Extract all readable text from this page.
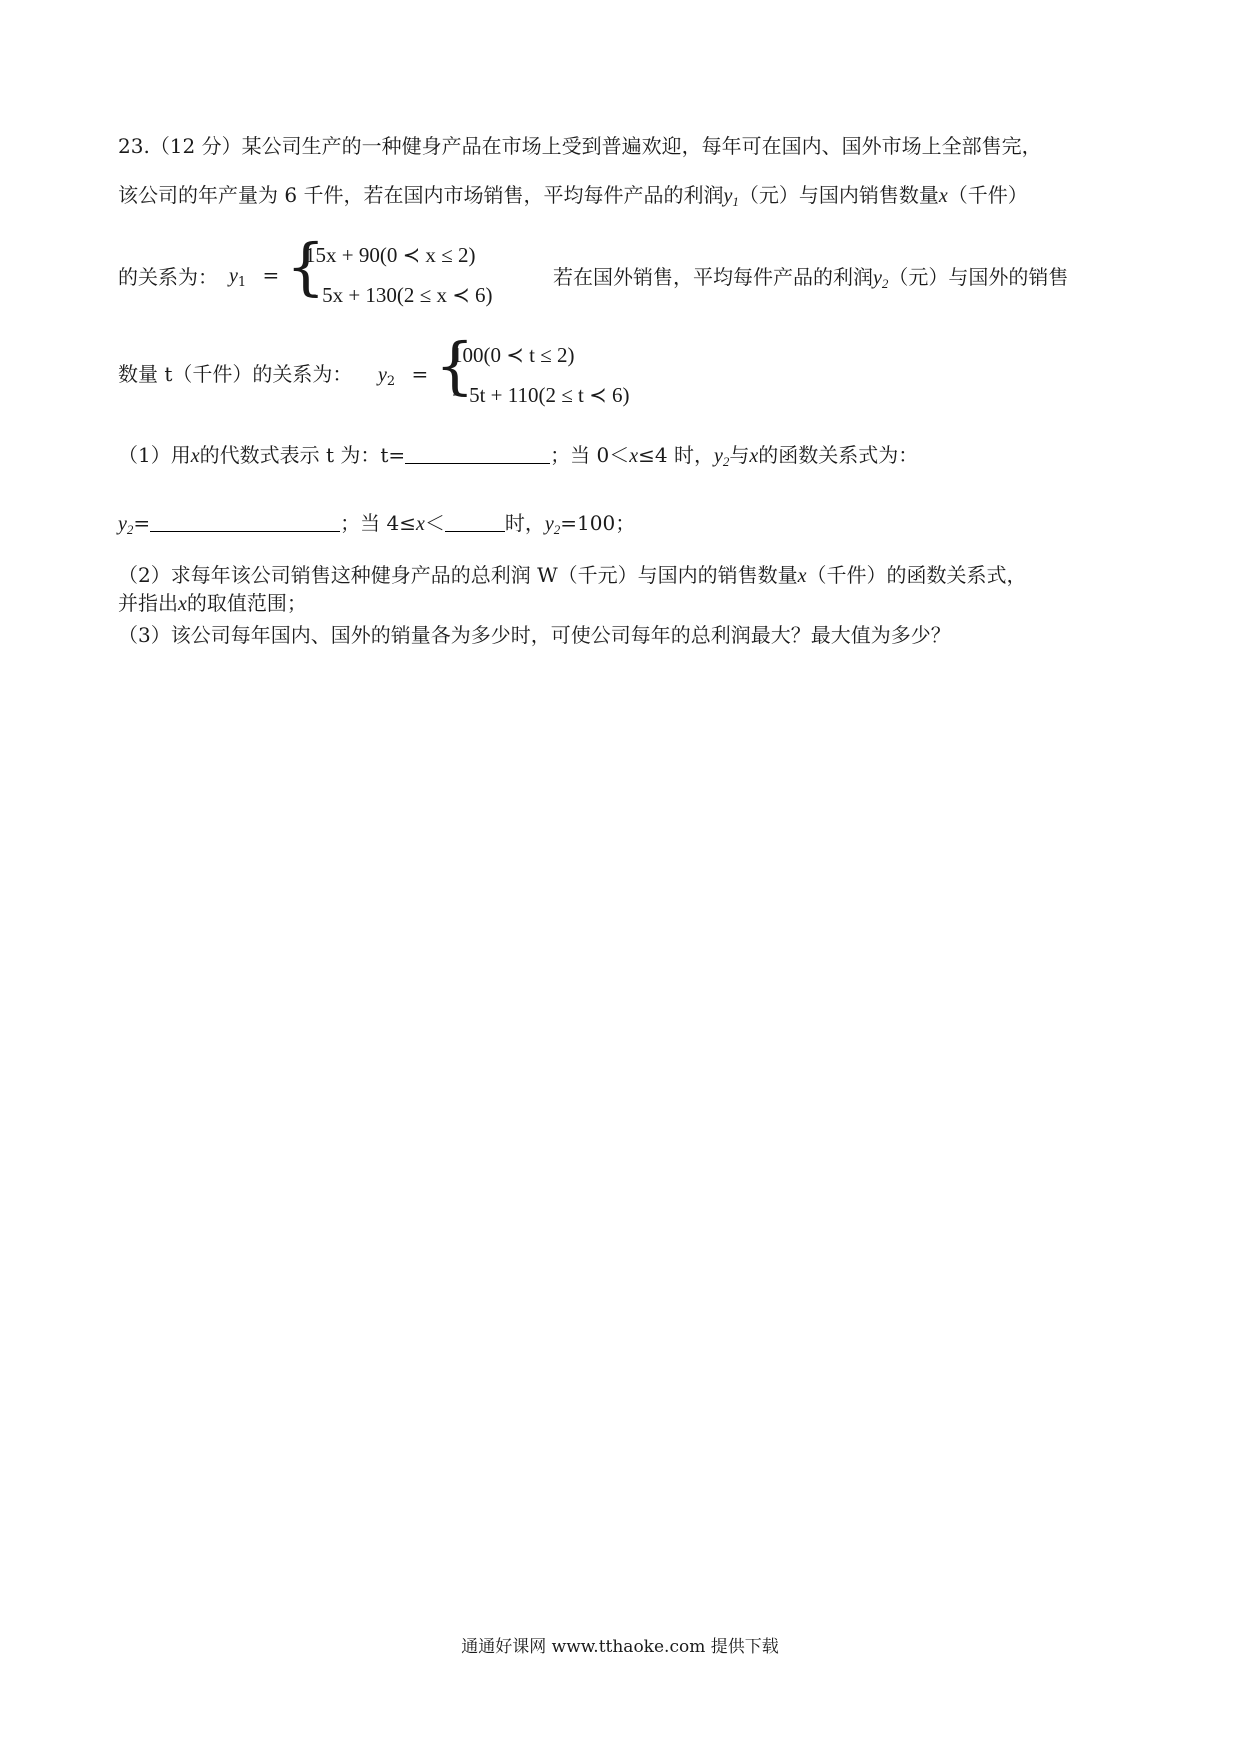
23.（12 分）某公司生产的一种健身产品在市场上受到普遍欢迎，每年可在国内、国外市场上全部售完，
该公司的年产量为 6 千件，若在国内市场销售，平均每件产品的利润$y_1$（元）与国内销售数量x（千件）
的关系为： $y_1$ = {
15x + 90(0 ≺ x ≤ 2)
− 5x + 130(2 ≤ x ≺ 6)
若在国外销售，平均每件产品的利润$y_2$（元）与国外的销售
数量 t（千件）的关系为： $y_2$ = {
100(0 ≺ t ≤ 2)
− 5t + 110(2 ≤ t ≺ 6)
（1）用x的代数式表示 t 为：t=	；当 0＜x≤4 时，$y_2$与x的函数关系式为：
$y_2=$	；当 4≤x＜	时，$y_2=100$；
（2）求每年该公司销售这种健身产品的总利润 W（千元）与国内的销售数量x（千件）的函数关系式，
并指出x的取值范围；
（3）该公司每年国内、国外的销量各为多少时，可使公司每年的总利润最大？最大值为多少？
通通好课网 www.tthaoke.com 提供下载
